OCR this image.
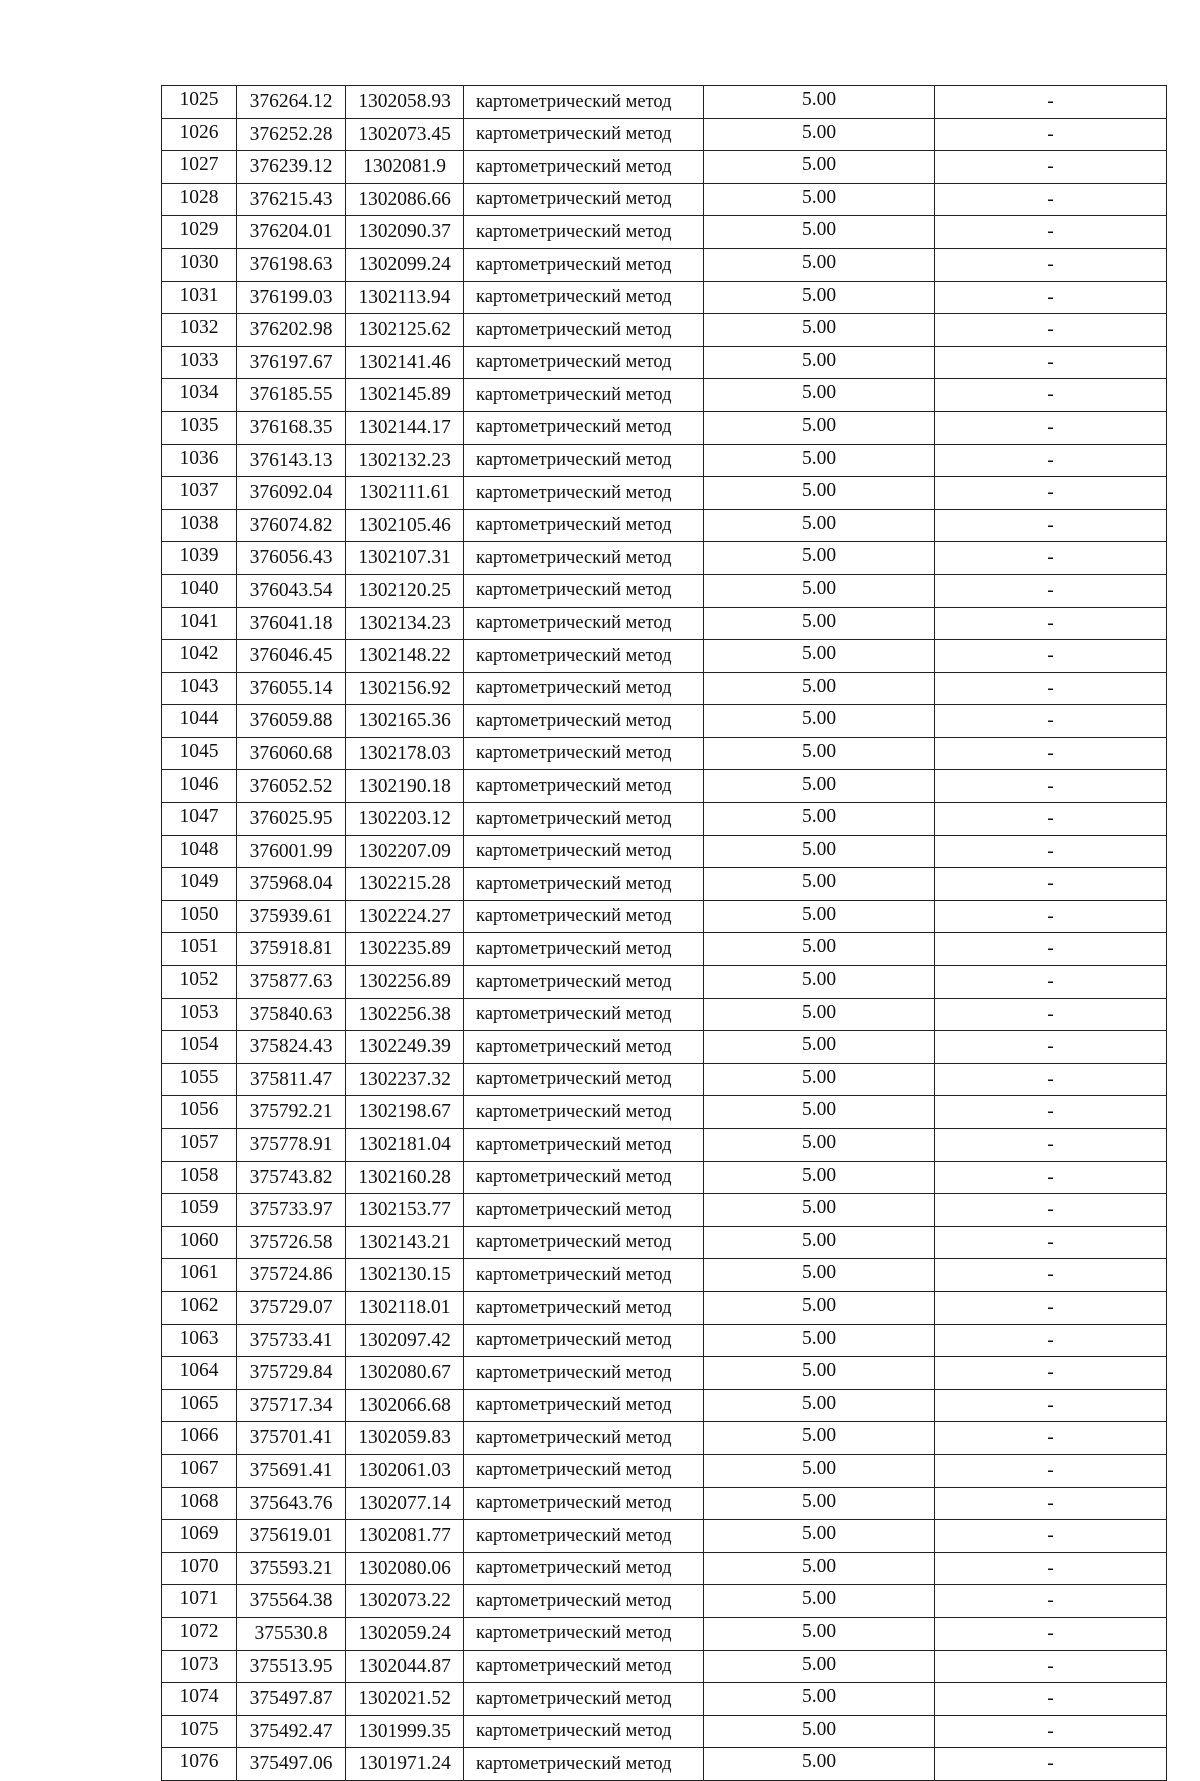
1025	376264.12	1302058.93	картометрический метод	5.00	-
1026	376252.28	1302073.45	картометрический метод	5.00	-
1027	376239.12	1302081.9	картометрический метод	5.00	-
1028	376215.43	1302086.66	картометрический метод	5.00	-
1029	376204.01	1302090.37	картометрический метод	5.00	-
1030	376198.63	1302099.24	картометрический метод	5.00	-
1031	376199.03	1302113.94	картометрический метод	5.00	-
1032	376202.98	1302125.62	картометрический метод	5.00	-
1033	376197.67	1302141.46	картометрический метод	5.00	-
1034	376185.55	1302145.89	картометрический метод	5.00	-
1035	376168.35	1302144.17	картометрический метод	5.00	-
1036	376143.13	1302132.23	картометрический метод	5.00	-
1037	376092.04	1302111.61	картометрический метод	5.00	-
1038	376074.82	1302105.46	картометрический метод	5.00	-
1039	376056.43	1302107.31	картометрический метод	5.00	-
1040	376043.54	1302120.25	картометрический метод	5.00	-
1041	376041.18	1302134.23	картометрический метод	5.00	-
1042	376046.45	1302148.22	картометрический метод	5.00	-
1043	376055.14	1302156.92	картометрический метод	5.00	-
1044	376059.88	1302165.36	картометрический метод	5.00	-
1045	376060.68	1302178.03	картометрический метод	5.00	-
1046	376052.52	1302190.18	картометрический метод	5.00	-
1047	376025.95	1302203.12	картометрический метод	5.00	-
1048	376001.99	1302207.09	картометрический метод	5.00	-
1049	375968.04	1302215.28	картометрический метод	5.00	-
1050	375939.61	1302224.27	картометрический метод	5.00	-
1051	375918.81	1302235.89	картометрический метод	5.00	-
1052	375877.63	1302256.89	картометрический метод	5.00	-
1053	375840.63	1302256.38	картометрический метод	5.00	-
1054	375824.43	1302249.39	картометрический метод	5.00	-
1055	375811.47	1302237.32	картометрический метод	5.00	-
1056	375792.21	1302198.67	картометрический метод	5.00	-
1057	375778.91	1302181.04	картометрический метод	5.00	-
1058	375743.82	1302160.28	картометрический метод	5.00	-
1059	375733.97	1302153.77	картометрический метод	5.00	-
1060	375726.58	1302143.21	картометрический метод	5.00	-
1061	375724.86	1302130.15	картометрический метод	5.00	-
1062	375729.07	1302118.01	картометрический метод	5.00	-
1063	375733.41	1302097.42	картометрический метод	5.00	-
1064	375729.84	1302080.67	картометрический метод	5.00	-
1065	375717.34	1302066.68	картометрический метод	5.00	-
1066	375701.41	1302059.83	картометрический метод	5.00	-
1067	375691.41	1302061.03	картометрический метод	5.00	-
1068	375643.76	1302077.14	картометрический метод	5.00	-
1069	375619.01	1302081.77	картометрический метод	5.00	-
1070	375593.21	1302080.06	картометрический метод	5.00	-
1071	375564.38	1302073.22	картометрический метод	5.00	-
1072	375530.8	1302059.24	картометрический метод	5.00	-
1073	375513.95	1302044.87	картометрический метод	5.00	-
1074	375497.87	1302021.52	картометрический метод	5.00	-
1075	375492.47	1301999.35	картометрический метод	5.00	-
1076	375497.06	1301971.24	картометрический метод	5.00	-
